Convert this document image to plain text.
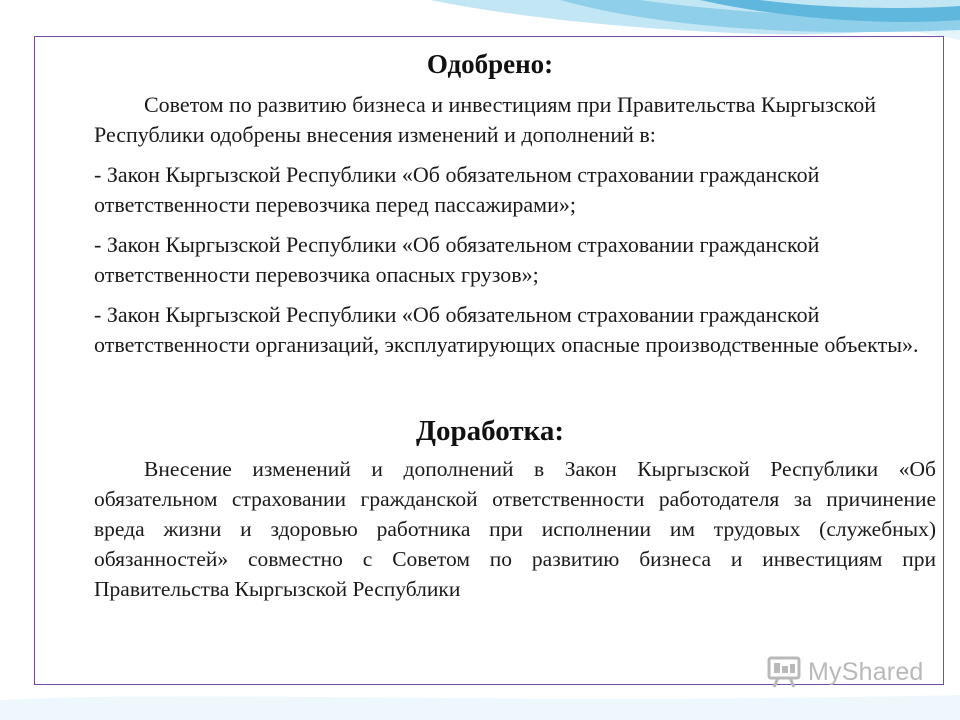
Одобрено:

Советом по развитию бизнеса и инвестициям при Правительства Кыргызской Республики одобрены внесения изменений и дополнений в:

- Закон Кыргызской Республики «Об обязательном страховании гражданской ответственности перевозчика перед пассажирами»;

- Закон Кыргызской Республики «Об обязательном страховании гражданской ответственности перевозчика опасных грузов»;

- Закон Кыргызской Республики «Об обязательном страховании гражданской ответственности организаций, эксплуатирующих опасные производственные объекты».

Доработка:

Внесение изменений и дополнений в Закон Кыргызской Республики «Об обязательном страховании гражданской ответственности работодателя за причинение вреда жизни и здоровью работника при исполнении им трудовых (служебных) обязанностей» совместно с Советом по развитию бизнеса и инвестициям при Правительства Кыргызской Республики

MyShared
